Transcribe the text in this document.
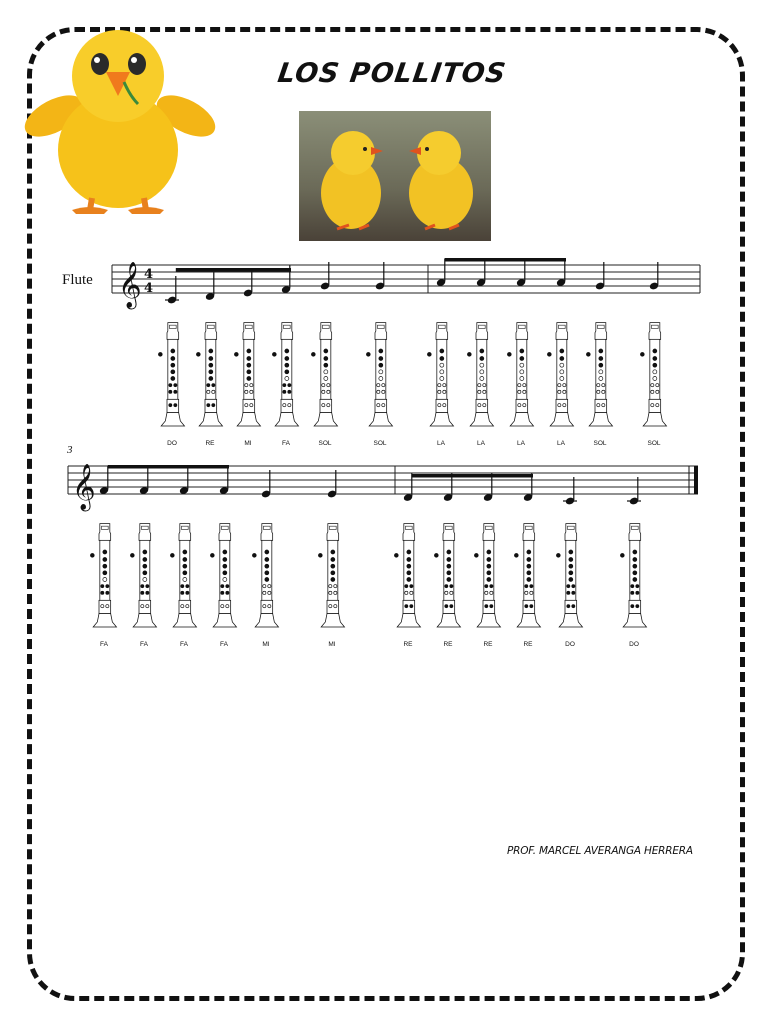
LOS POLLITOS
𝄞 4
4
𝄞
Flute
3
DO	RE	MI	FA	SOL	SOL	LA	LA	LA	LA	SOL	SOL
FA	FA	FA	FA	MI	MI	RE	RE	RE	RE	DO	DO
PROF. MARCEL AVERANGA HERRERA
